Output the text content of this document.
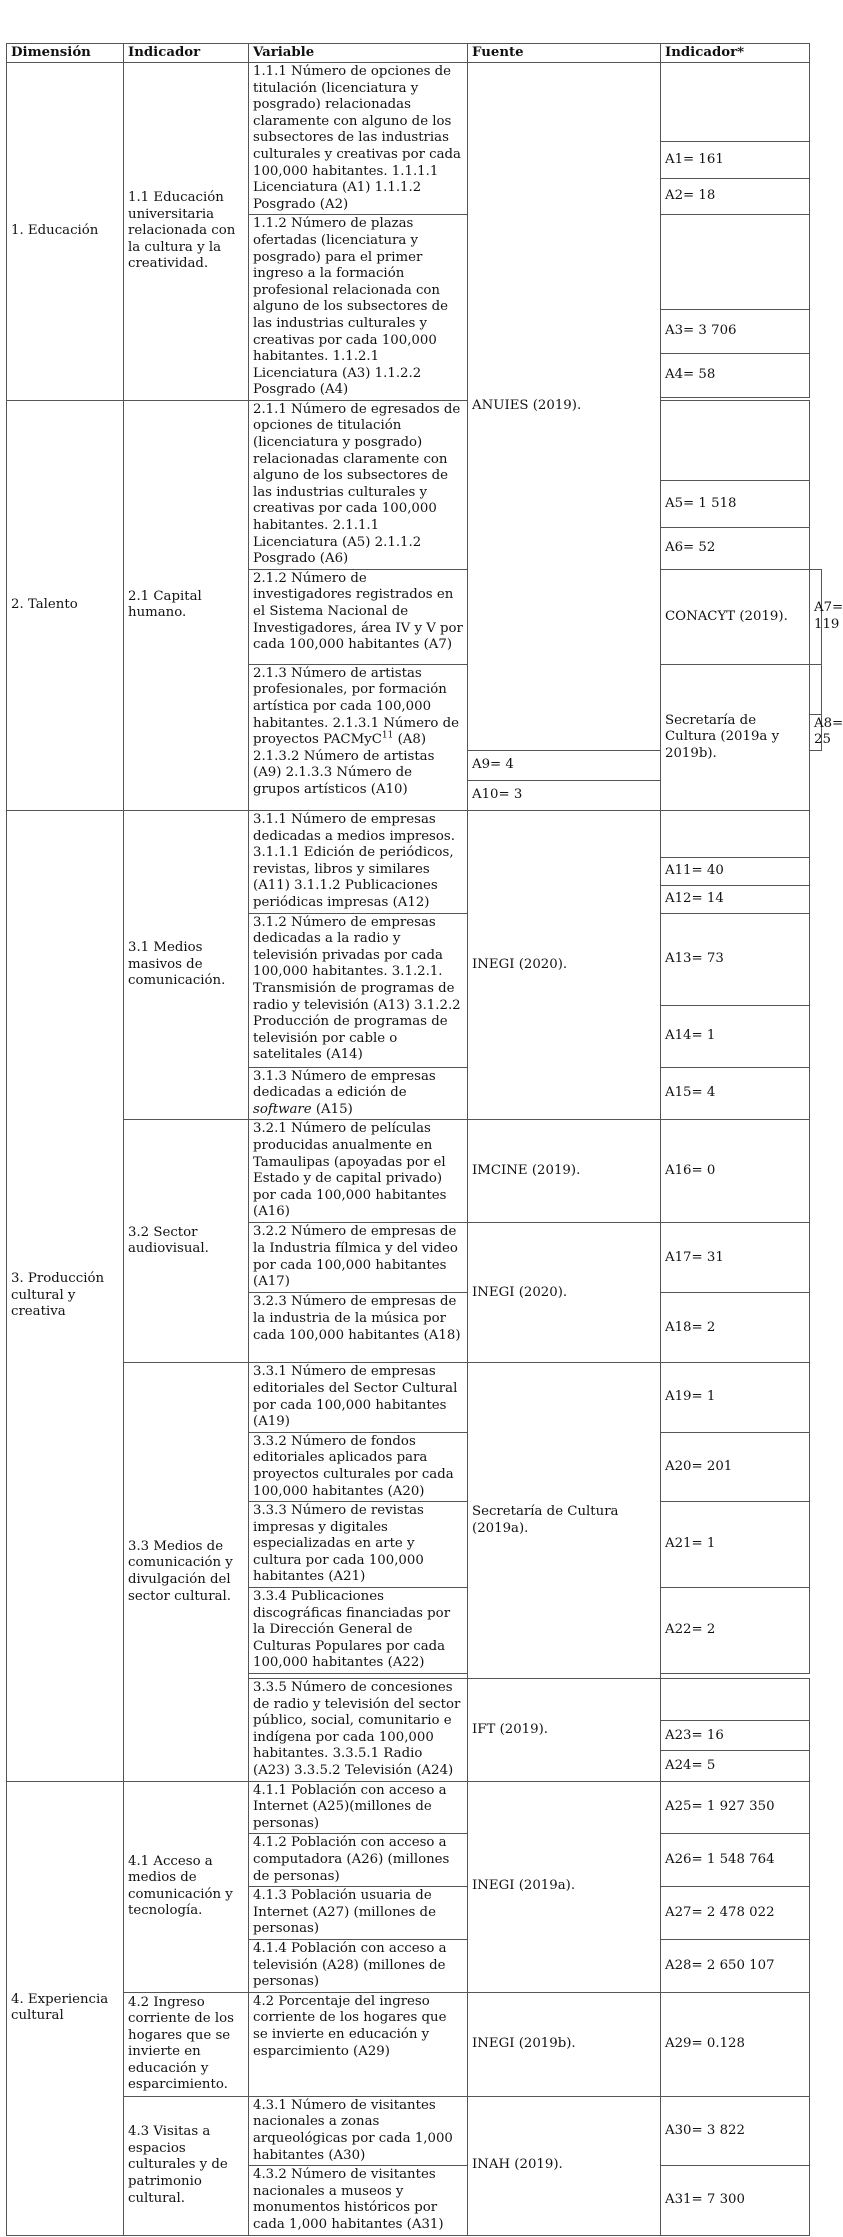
Dimensión	Indicador	Variable	Fuente	Indicador*	
1. Educación	1.1 Educación universitaria relacionada con la cultura y la creatividad.	1.1.1 Número de opciones de titulación (licenciatura y posgrado) relacionadas claramente con alguno de los subsectores de las industrias culturales y creativas por cada 100,000 habitantes. 1.1.1.1 Licenciatura (A1) 1.1.1.2 Posgrado (A2)	ANUIES (2019).		
				A1= 161	
				A2= 18	
		1.1.2 Número de plazas ofertadas (licenciatura y posgrado) para el primer ingreso a la formación profesional relacionada con alguno de los subsectores de las industrias culturales y creativas por cada 100,000 habitantes. 1.1.2.1 Licenciatura (A3) 1.1.2.2 Posgrado (A4)			
				A3= 3 706	
				A4= 58	

2. Talento	2.1 Capital humano.	2.1.1 Número de egresados de opciones de titulación (licenciatura y posgrado) relacionadas claramente con alguno de los subsectores de las industrias culturales y creativas por cada 100,000 habitantes. 2.1.1.1 Licenciatura (A5) 2.1.1.2 Posgrado (A6)			
				A5= 1 518	
				A6= 52	
		2.1.2 Número de investigadores registrados en el Sistema Nacional de Investigadores, área IV y V por cada 100,000 habitantes (A7)		CONACYT (2019).	A7= 119
		2.1.3 Número de artistas profesionales, por formación artística por cada 100,000 habitantes. 2.1.3.1 Número de proyectos PACMyC$^{11}$ (A8) 2.1.3.2 Número de artistas (A9) 2.1.3.3 Número de grupos artísticos (A10)		Secretaría de Cultura (2019a y 2019b).	
					A8= 25
			A9= 4		
			A10= 3		
3. Producción cultural y creativa	3.1 Medios masivos de comunicación.	3.1.1 Número de empresas dedicadas a medios impresos. 3.1.1.1 Edición de periódicos, revistas, libros y similares (A11) 3.1.1.2 Publicaciones periódicas impresas (A12)	INEGI (2020).		
				A11= 40	
				A12= 14	
		3.1.2 Número de empresas dedicadas a la radio y televisión privadas por cada 100,000 habitantes. 3.1.2.1. Transmisión de programas de radio y televisión (A13) 3.1.2.2 Producción de programas de televisión por cable o satelitales (A14)		A13= 73	
				A14= 1	
		3.1.3 Número de empresas dedicadas a edición de software (A15)		A15= 4	
	3.2 Sector audiovisual.	3.2.1 Número de películas producidas anualmente en Tamaulipas (apoyadas por el Estado y de capital privado) por cada 100,000 habitantes (A16)	IMCINE (2019).	A16= 0	
		3.2.2 Número de empresas de la Industria fílmica y del video por cada 100,000 habitantes (A17)	INEGI (2020).	A17= 31	
		3.2.3 Número de empresas de la industria de la música por cada 100,000 habitantes (A18)		A18= 2	
	3.3 Medios de comunicación y divulgación del sector cultural.	3.3.1 Número de empresas editoriales del Sector Cultural por cada 100,000 habitantes (A19)	Secretaría de Cultura (2019a).	A19= 1	
		3.3.2 Número de fondos editoriales aplicados para proyectos culturales por cada 100,000 habitantes (A20)		A20= 201	
		3.3.3 Número de revistas impresas y digitales especializadas en arte y cultura por cada 100,000 habitantes (A21)		A21= 1	
		3.3.4 Publicaciones discográficas financiadas por la Dirección General de Culturas Populares por cada 100,000 habitantes (A22)		A22= 2	

		3.3.5 Número de concesiones de radio y televisión del sector público, social, comunitario e indígena por cada 100,000 habitantes. 3.3.5.1 Radio (A23) 3.3.5.2 Televisión (A24)	IFT (2019).		
				A23= 16	
				A24= 5	
4. Experiencia cultural	4.1 Acceso a medios de comunicación y tecnología.	4.1.1 Población con acceso a Internet (A25)(millones de personas)	INEGI (2019a).	A25= 1 927 350	
		4.1.2 Población con acceso a computadora (A26) (millones de personas)		A26= 1 548 764	
		4.1.3 Población usuaria de Internet (A27) (millones de personas)		A27= 2 478 022	
		4.1.4 Población con acceso a televisión (A28) (millones de personas)		A28= 2 650 107	
	4.2 Ingreso corriente de los hogares que se invierte en educación y esparcimiento.	4.2 Porcentaje del ingreso corriente de los hogares que se invierte en educación y esparcimiento (A29)	INEGI (2019b).	A29= 0.128	
	4.3 Visitas a espacios culturales y de patrimonio cultural.	4.3.1 Número de visitantes nacionales a zonas arqueológicas por cada 1,000 habitantes (A30)	INAH (2019).	A30= 3 822	
		4.3.2 Número de visitantes nacionales a museos y monumentos históricos por cada 1,000 habitantes (A31)		A31= 7 300	
